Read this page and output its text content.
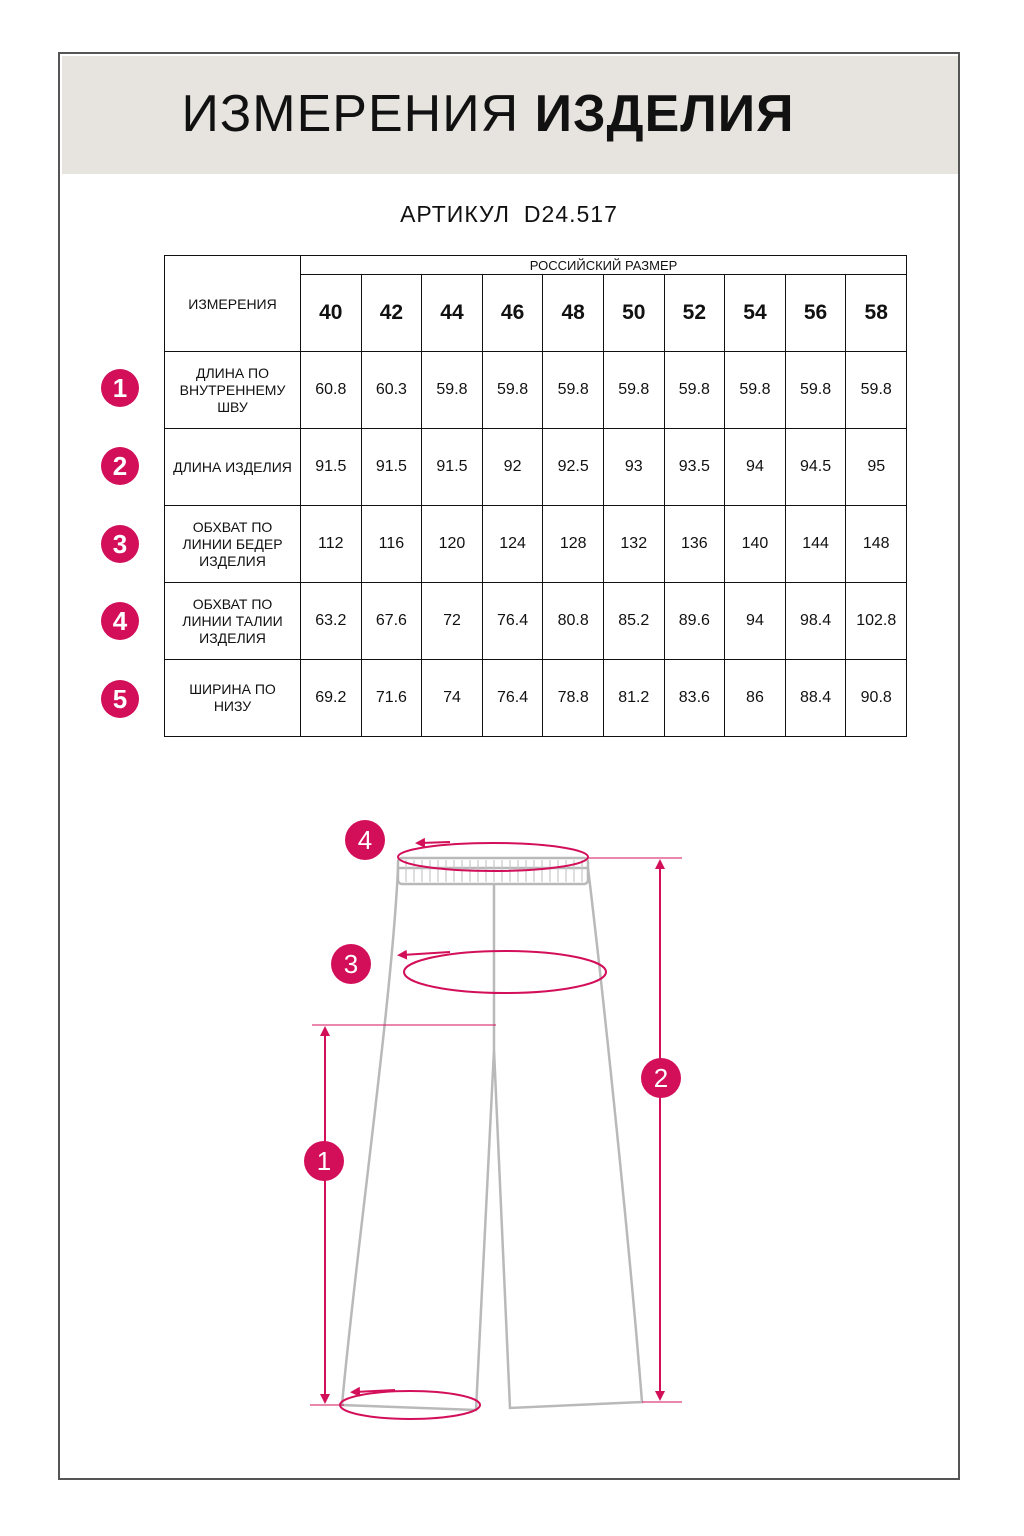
ИЗМЕРЕНИЯ ИЗДЕЛИЯ
АРТИКУЛ D24.517
ИЗМЕРЕНИЯ	РОССИЙСКИЙ РАЗМЕР									
	40	42	44	46	48	50	52	54	56	58
ДЛИНА ПО ВНУТРЕННЕМУ ШВУ	60.8	60.3	59.8	59.8	59.8	59.8	59.8	59.8	59.8	59.8
ДЛИНА ИЗДЕЛИЯ	91.5	91.5	91.5	92	92.5	93	93.5	94	94.5	95
ОБХВАТ ПО ЛИНИИ БЕДЕР ИЗДЕЛИЯ	112	116	120	124	128	132	136	140	144	148
ОБХВАТ ПО ЛИНИИ ТАЛИИ ИЗДЕЛИЯ	63.2	67.6	72	76.4	80.8	85.2	89.6	94	98.4	102.8
ШИРИНА ПО НИЗУ	69.2	71.6	74	76.4	78.8	81.2	83.6	86	88.4	90.8
1
2
3
4
5
4
3
2
1
